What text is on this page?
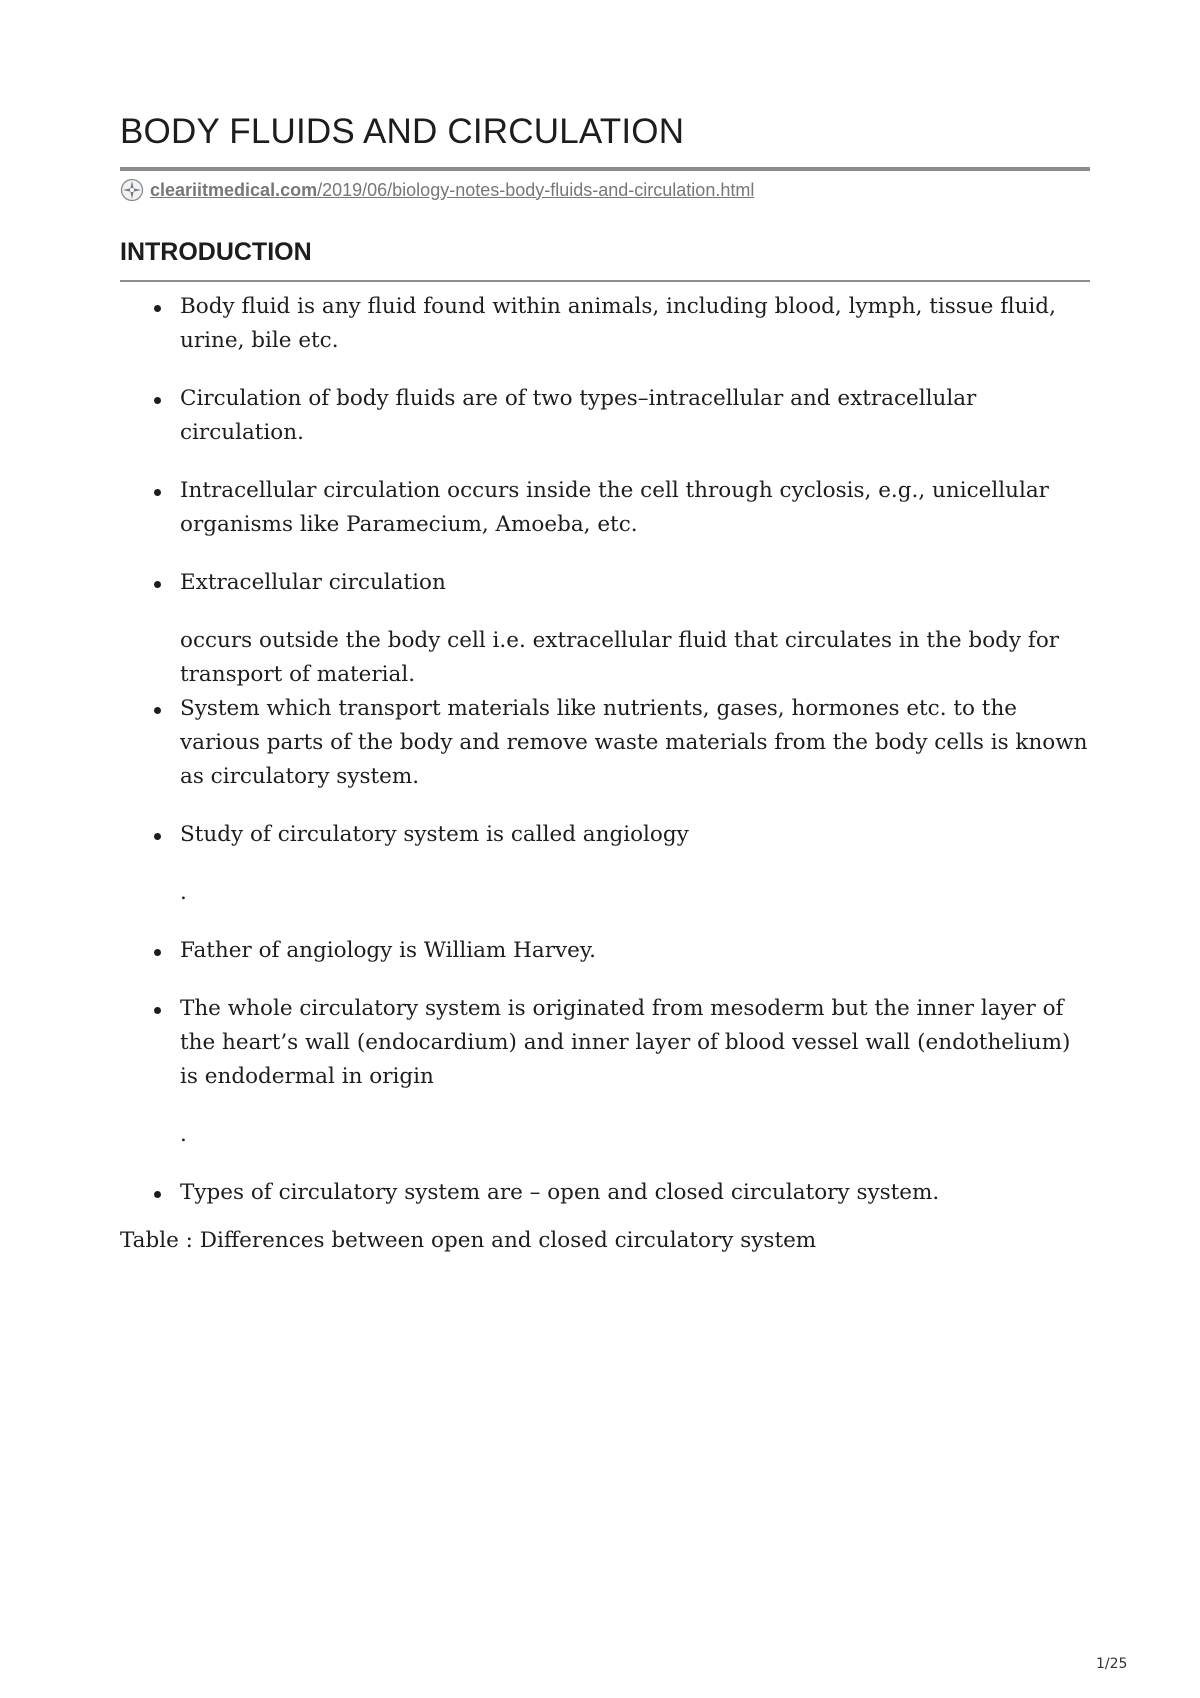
BODY FLUIDS AND CIRCULATION
cleariitmedical.com/2019/06/biology-notes-body-fluids-and-circulation.html
INTRODUCTION
Body fluid is any fluid found within animals, including blood, lymph, tissue fluid, urine, bile etc.
Circulation of body fluids are of two types–intracellular and extracellular circulation.
Intracellular circulation occurs inside the cell through cyclosis, e.g., unicellular organisms like Paramecium, Amoeba, etc.
Extracellular circulation
occurs outside the body cell i.e. extracellular fluid that circulates in the body for transport of material.
System which transport materials like nutrients, gases, hormones etc. to the various parts of the body and remove waste materials from the body cells is known as circulatory system.
Study of circulatory system is called angiology
.
Father of angiology is William Harvey.
The whole circulatory system is originated from mesoderm but the inner layer of the heart’s wall (endocardium) and inner layer of blood vessel wall (endothelium) is endodermal in origin
.
Types of circulatory system are – open and closed circulatory system.

Table : Differences between open and closed circulatory system

1/25
